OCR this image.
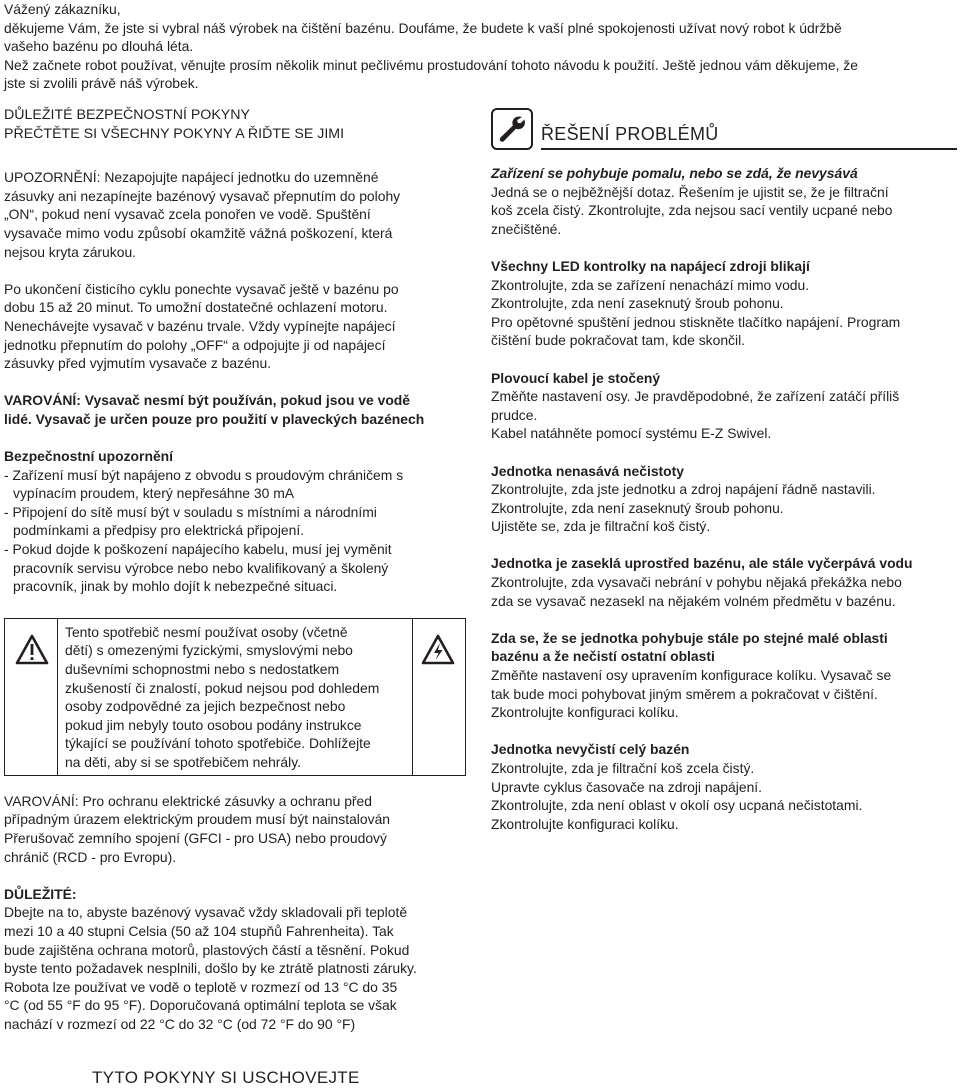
Vážený zákazníku,

děkujeme Vám, že jste si vybral náš výrobek na čištění bazénu. Doufáme, že budete k vaší plné spokojenosti užívat nový robot k údržbě

vašeho bazénu po dlouhá léta.

Než začnete robot používat, věnujte prosím několik minut pečlivému prostudování tohoto návodu k použití. Ještě jednou vám děkujeme, že

jste si zvolili právě náš výrobek.

DŮLEŽITÉ BEZPEČNOSTNÍ POKYNY

PŘEČTĚTE SI VŠECHNY POKYNY A ŘIĎTE SE JIMI

UPOZORNĚNÍ: Nezapojujte napájecí jednotku do uzemněné

zásuvky ani nezapínejte bazénový vysavač přepnutím do polohy

„ON“, pokud není vysavač zcela ponořen ve vodě. Spuštění

vysavače mimo vodu způsobí okamžitě vážná poškození, která

nejsou kryta zárukou.

Po ukončení čisticího cyklu ponechte vysavač ještě v bazénu po

dobu 15 až 20 minut. To umožní dostatečné ochlazení motoru.

Nenechávejte vysavač v bazénu trvale. Vždy vypínejte napájecí

jednotku přepnutím do polohy „OFF“ a odpojujte ji od napájecí

zásuvky před vyjmutím vysavače z bazénu.

VAROVÁNÍ: Vysavač nesmí být používán, pokud jsou ve vodě

lidé. Vysavač je určen pouze pro použití v plaveckých bazénech

Bezpečnostní upozornění

- Zařízení musí být napájeno z obvodu s proudovým chráničem s

vypínacím proudem, který nepřesáhne 30 mA

- Připojení do sítě musí být v souladu s místními a národními

podmínkami a předpisy pro elektrická připojení.

- Pokud dojde k poškození napájecího kabelu, musí jej vyměnit

pracovník servisu výrobce nebo nebo kvalifikovaný a školený

pracovník, jinak by mohlo dojít k nebezpečné situaci.

Tento spotřebič nesmí používat osoby (včetně

dětí) s omezenými fyzickými, smyslovými nebo

duševními schopnostmi nebo s nedostatkem

zkušeností či znalostí, pokud nejsou pod dohledem

osoby zodpovědné za jejich bezpečnost nebo

pokud jim nebyly touto osobou podány instrukce

týkající se používání tohoto spotřebiče. Dohlížejte

na děti, aby si se spotřebičem nehrály.

VAROVÁNÍ: Pro ochranu elektrické zásuvky a ochranu před

případným úrazem elektrickým proudem musí být nainstalován

Přerušovač zemního spojení (GFCI - pro USA) nebo proudový

chránič (RCD - pro Evropu).

DŮLEŽITÉ:

Dbejte na to, abyste bazénový vysavač vždy skladovali při teplotě

mezi 10 a 40 stupni Celsia (50 až 104 stupňů Fahrenheita). Tak

bude zajištěna ochrana motorů, plastových částí a těsnění. Pokud

byste tento požadavek nesplnili, došlo by ke ztrátě platnosti záruky.

Robota lze používat ve vodě o teplotě v rozmezí od 13 °C do 35

°C (od 55 °F do 95 °F). Doporučovaná optimální teplota se však

nachází v rozmezí od 22 °C do 32 °C (od 72 °F do 90 °F)

TYTO POKYNY SI USCHOVEJTE
ŘEŠENÍ PROBLÉMŮ
Zařízení se pohybuje pomalu, nebo se zdá, že nevysává

Jedná se o nejběžnější dotaz. Řešením je ujistit se, že je filtrační

koš zcela čistý. Zkontrolujte, zda nejsou sací ventily ucpané nebo

znečištěné.

Všechny LED kontrolky na napájecí zdroji blikají

Zkontrolujte, zda se zařízení nenachází mimo vodu.

Zkontrolujte, zda není zaseknutý šroub pohonu.

Pro opětovné spuštění jednou stiskněte tlačítko napájení. Program

čištění bude pokračovat tam, kde skončil.

Plovoucí kabel je stočený

Změňte nastavení osy. Je pravděpodobné, že zařízení zatáčí příliš

prudce.

Kabel natáhněte pomocí systému E-Z Swivel.

Jednotka nenasává nečistoty

Zkontrolujte, zda jste jednotku a zdroj napájení řádně nastavili.

Zkontrolujte, zda není zaseknutý šroub pohonu.

Ujistěte se, zda je filtrační koš čistý.

Jednotka je zaseklá uprostřed bazénu, ale stále vyčerpává vodu

Zkontrolujte, zda vysavači nebrání v pohybu nějaká překážka nebo

zda se vysavač nezasekl na nějakém volném předmětu v bazénu.

Zda se, že se jednotka pohybuje stále po stejné malé oblasti
bazénu a že nečistí ostatní oblasti

Změňte nastavení osy upravením konfigurace kolíku. Vysavač se

tak bude moci pohybovat jiným směrem a pokračovat v čištění.

Zkontrolujte konfiguraci kolíku.

Jednotka nevyčistí celý bazén

Zkontrolujte, zda je filtrační koš zcela čistý.

Upravte cyklus časovače na zdroji napájení.

Zkontrolujte, zda není oblast v okolí osy ucpaná nečistotami.

Zkontrolujte konfiguraci kolíku.
